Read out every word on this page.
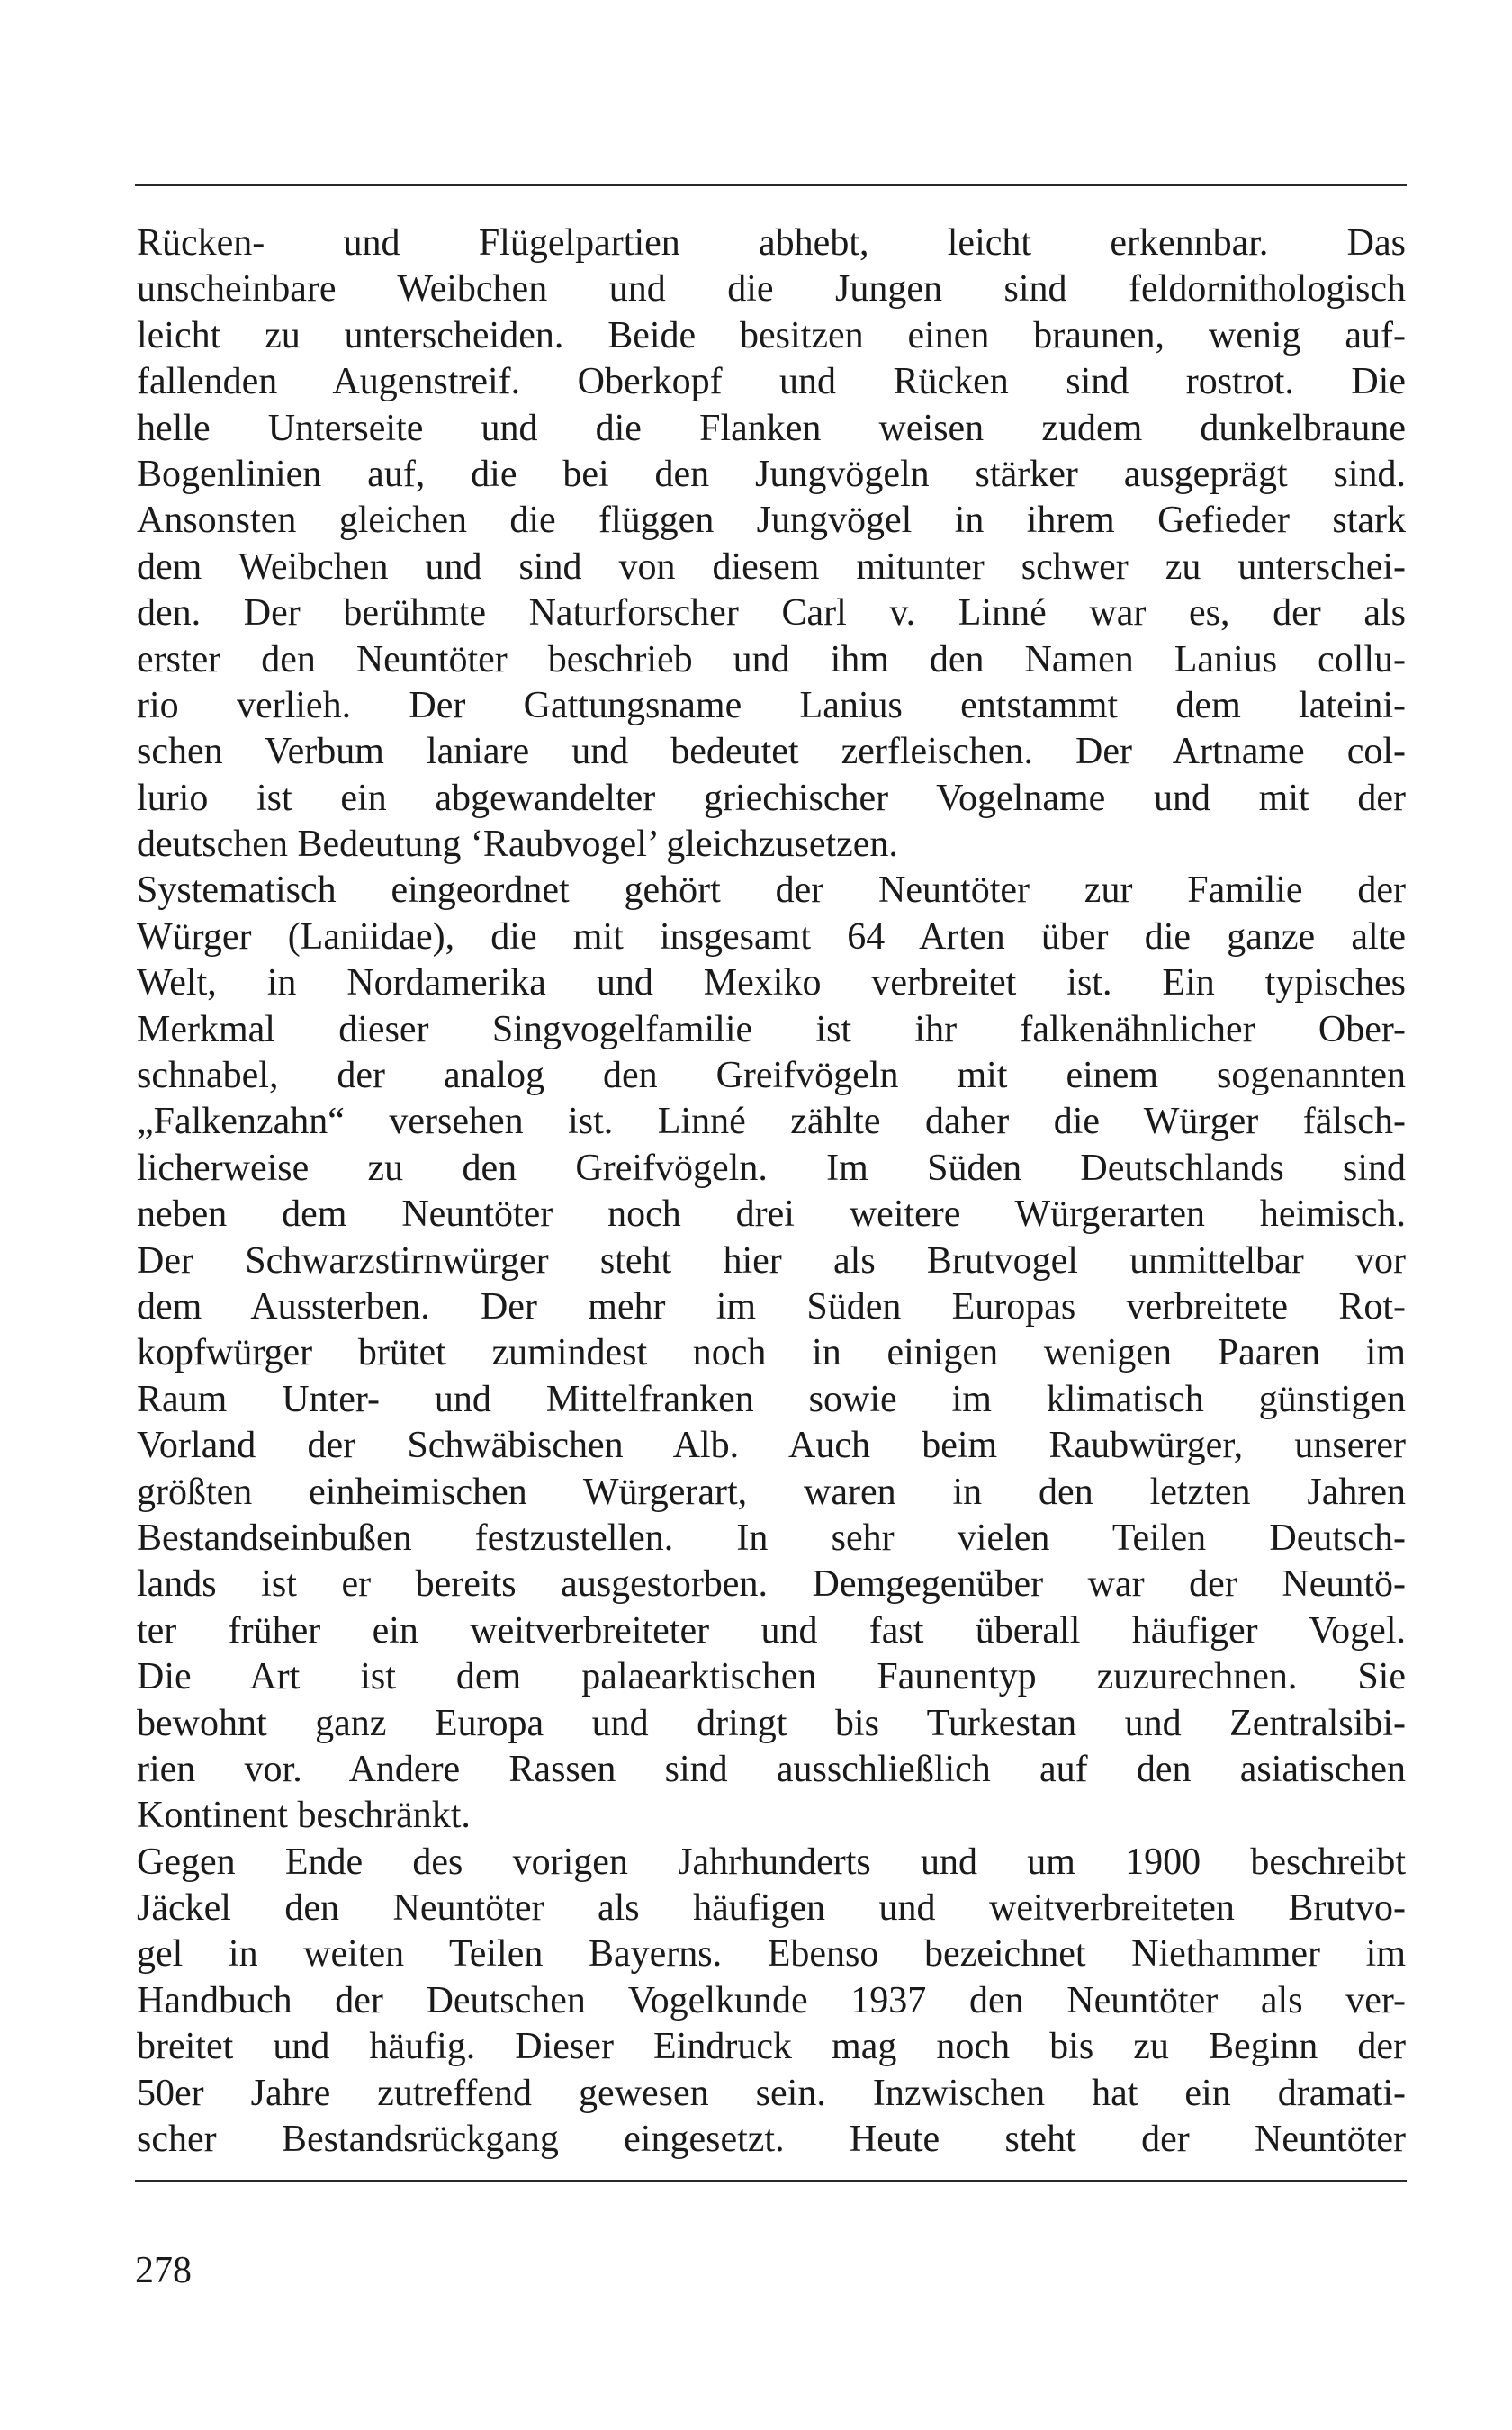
Rücken- und Flügelpartien abhebt, leicht erkennbar. Das
unscheinbare Weibchen und die Jungen sind feldornithologisch
leicht zu unterscheiden. Beide besitzen einen braunen, wenig auf-
fallenden Augenstreif. Oberkopf und Rücken sind rostrot. Die
helle Unterseite und die Flanken weisen zudem dunkelbraune
Bogenlinien auf, die bei den Jungvögeln stärker ausgeprägt sind.
Ansonsten gleichen die flüggen Jungvögel in ihrem Gefieder stark
dem Weibchen und sind von diesem mitunter schwer zu unterschei-
den. Der berühmte Naturforscher Carl v. Linné war es, der als
erster den Neuntöter beschrieb und ihm den Namen Lanius collu-
rio verlieh. Der Gattungsname Lanius entstammt dem lateini-
schen Verbum laniare und bedeutet zerfleischen. Der Artname col-
lurio ist ein abgewandelter griechischer Vogelname und mit der
deutschen Bedeutung ‘Raubvogel’ gleichzusetzen.
Systematisch eingeordnet gehört der Neuntöter zur Familie der
Würger (Laniidae), die mit insgesamt 64 Arten über die ganze alte
Welt, in Nordamerika und Mexiko verbreitet ist. Ein typisches
Merkmal dieser Singvogelfamilie ist ihr falkenähnlicher Ober-
schnabel, der analog den Greifvögeln mit einem sogenannten
„Falkenzahn“ versehen ist. Linné zählte daher die Würger fälsch-
licherweise zu den Greifvögeln. Im Süden Deutschlands sind
neben dem Neuntöter noch drei weitere Würgerarten heimisch.
Der Schwarzstirnwürger steht hier als Brutvogel unmittelbar vor
dem Aussterben. Der mehr im Süden Europas verbreitete Rot-
kopfwürger brütet zumindest noch in einigen wenigen Paaren im
Raum Unter- und Mittelfranken sowie im klimatisch günstigen
Vorland der Schwäbischen Alb. Auch beim Raubwürger, unserer
größten einheimischen Würgerart, waren in den letzten Jahren
Bestandseinbußen festzustellen. In sehr vielen Teilen Deutsch-
lands ist er bereits ausgestorben. Demgegenüber war der Neuntö-
ter früher ein weitverbreiteter und fast überall häufiger Vogel.
Die Art ist dem palaearktischen Faunentyp zuzurechnen. Sie
bewohnt ganz Europa und dringt bis Turkestan und Zentralsibi-
rien vor. Andere Rassen sind ausschließlich auf den asiatischen
Kontinent beschränkt.
Gegen Ende des vorigen Jahrhunderts und um 1900 beschreibt
Jäckel den Neuntöter als häufigen und weitverbreiteten Brutvo-
gel in weiten Teilen Bayerns. Ebenso bezeichnet Niethammer im
Handbuch der Deutschen Vogelkunde 1937 den Neuntöter als ver-
breitet und häufig. Dieser Eindruck mag noch bis zu Beginn der
50er Jahre zutreffend gewesen sein. Inzwischen hat ein dramati-
scher Bestandsrückgang eingesetzt. Heute steht der Neuntöter
278
